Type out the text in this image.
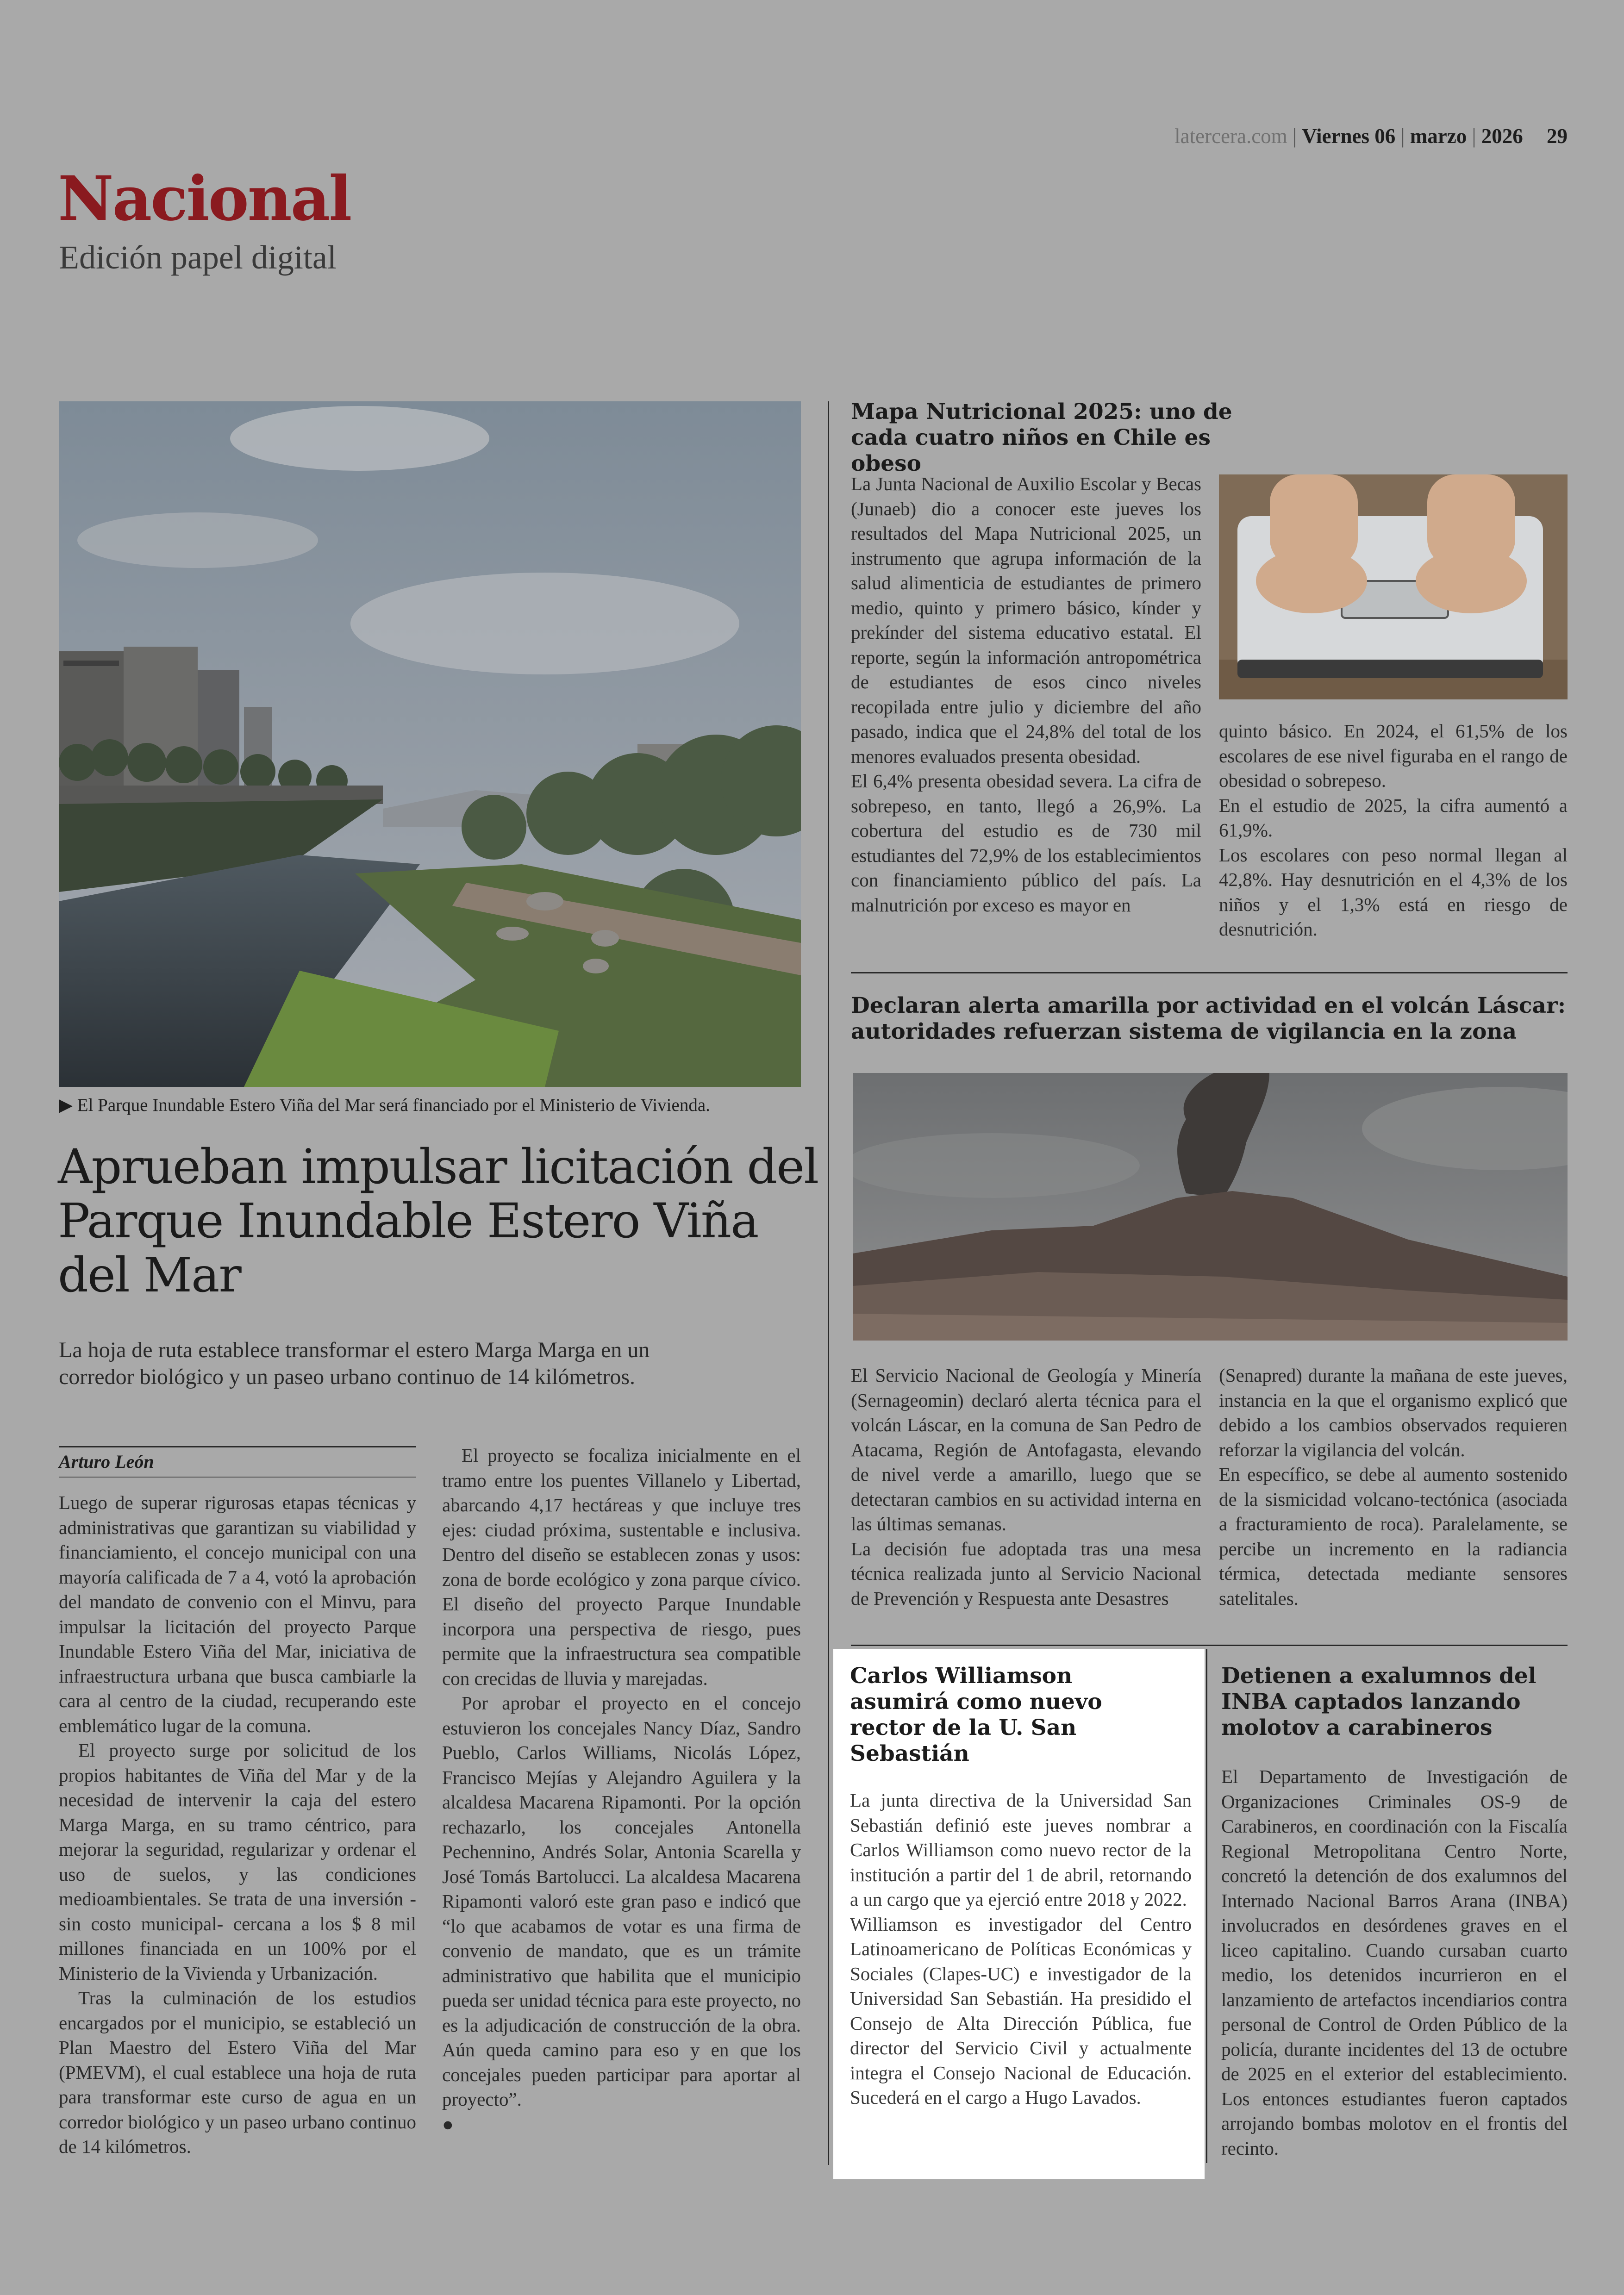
latercera.com | Viernes 06 | marzo | 2026 29
Nacional
Edición papel digital
▶ El Parque Inundable Estero Viña del Mar será financiado por el Ministerio de Vivienda.
Aprueban impulsar licitación del Parque Inundable Estero Viña del Mar
La hoja de ruta establece transformar el estero Marga Marga en un corredor biológico y un paseo urbano continuo de 14 kilómetros.
Arturo León

Luego de superar rigurosas etapas técnicas y administrativas que garantizan su viabilidad y financiamiento, el concejo municipal con una mayoría calificada de 7 a 4, votó la aprobación del mandato de convenio con el Minvu, para impulsar la licitación del proyecto Parque Inundable Estero Viña del Mar, iniciativa de infraestructura urbana que busca cambiarle la cara al centro de la ciudad, recuperando este emblemático lugar de la comuna.

El proyecto surge por solicitud de los propios habitantes de Viña del Mar y de la necesidad de intervenir la caja del estero Marga Marga, en su tramo céntrico, para mejorar la seguridad, regularizar y ordenar el uso de suelos, y las condiciones medioambientales. Se trata de una inversión -sin costo municipal- cercana a los $ 8 mil millones financiada en un 100% por el Ministerio de la Vivienda y Urbanización.

Tras la culminación de los estudios encargados por el municipio, se estableció un Plan Maestro del Estero Viña del Mar (PMEVM), el cual establece una hoja de ruta para transformar este curso de agua en un corredor biológico y un paseo urbano continuo de 14 kilómetros.

El proyecto se focaliza inicialmente en el tramo entre los puentes Villanelo y Libertad, abarcando 4,17 hectáreas y que incluye tres ejes: ciudad próxima, sustentable e inclusiva. Dentro del diseño se establecen zonas y usos: zona de borde ecológico y zona parque cívico. El diseño del proyecto Parque Inundable incorpora una perspectiva de riesgo, pues permite que la infraestructura sea compatible con crecidas de lluvia y marejadas.

Por aprobar el proyecto en el concejo estuvieron los concejales Nancy Díaz, Sandro Pueblo, Carlos Williams, Nicolás López, Francisco Mejías y Alejandro Aguilera y la alcaldesa Macarena Ripamonti. Por la opción rechazarlo, los concejales Antonella Pechennino, Andrés Solar, Antonia Scarella y José Tomás Bartolucci. La alcaldesa Macarena Ripamonti valoró este gran paso e indicó que “lo que acabamos de votar es una firma de convenio de mandato, que es un trámite administrativo que habilita que el municipio pueda ser unidad técnica para este proyecto, no es la adjudicación de construcción de la obra. Aún queda camino para eso y en que los concejales pueden participar para aportar al proyecto”.

●
Mapa Nutricional 2025: uno de cada cuatro niños en Chile es obeso

La Junta Nacional de Auxilio Escolar y Becas (Junaeb) dio a conocer este jueves los resultados del Mapa Nutricional 2025, un instrumento que agrupa información de la salud alimenticia de estudiantes de primero medio, quinto y primero básico, kínder y prekínder del sistema educativo estatal. El reporte, según la información antropométrica de estudiantes de esos cinco niveles recopilada entre julio y diciembre del año pasado, indica que el 24,8% del total de los menores evaluados presenta obesidad.

El 6,4% presenta obesidad severa. La cifra de sobrepeso, en tanto, llegó a 26,9%. La cobertura del estudio es de 730 mil estudiantes del 72,9% de los establecimientos con financiamiento público del país. La malnutrición por exceso es mayor en

quinto básico. En 2024, el 61,5% de los escolares de ese nivel figuraba en el rango de obesidad o sobrepeso.

En el estudio de 2025, la cifra aumentó a 61,9%.

Los escolares con peso normal llegan al 42,8%. Hay desnutrición en el 4,3% de los niños y el 1,3% está en riesgo de desnutrición.

Declaran alerta amarilla por actividad en el volcán Láscar: autoridades refuerzan sistema de vigilancia en la zona

El Servicio Nacional de Geología y Minería (Sernageomin) declaró alerta técnica para el volcán Láscar, en la comuna de San Pedro de Atacama, Región de Antofagasta, elevando de nivel verde a amarillo, luego que se detectaran cambios en su actividad interna en las últimas semanas.

La decisión fue adoptada tras una mesa técnica realizada junto al Servicio Nacional de Prevención y Respuesta ante Desastres

(Senapred) durante la mañana de este jueves, instancia en la que el organismo explicó que debido a los cambios observados requieren reforzar la vigilancia del volcán.

En específico, se debe al aumento sostenido de la sismicidad volcano-tectónica (asociada a fracturamiento de roca). Paralelamente, se percibe un incremento en la radiancia térmica, detectada mediante sensores satelitales.

Carlos Williamson asumirá como nuevo rector de la U. San Sebastián

La junta directiva de la Universidad San Sebastián definió este jueves nombrar a Carlos Williamson como nuevo rector de la institución a partir del 1 de abril, retornando a un cargo que ya ejerció entre 2018 y 2022.

Williamson es investigador del Centro Latinoamericano de Políticas Económicas y Sociales (Clapes-UC) e investigador de la Universidad San Sebastián. Ha presidido el Consejo de Alta Dirección Pública, fue director del Servicio Civil y actualmente integra el Consejo Nacional de Educación. Sucederá en el cargo a Hugo Lavados.

Detienen a exalumnos del INBA captados lanzando molotov a carabineros

El Departamento de Investigación de Organizaciones Criminales OS-9 de Carabineros, en coordinación con la Fiscalía Regional Metropolitana Centro Norte, concretó la detención de dos exalumnos del Internado Nacional Barros Arana (INBA) involucrados en desórdenes graves en el liceo capitalino. Cuando cursaban cuarto medio, los detenidos incurrieron en el lanzamiento de artefactos incendiarios contra personal de Control de Orden Público de la policía, durante incidentes del 13 de octubre de 2025 en el exterior del establecimiento. Los entonces estudiantes fueron captados arrojando bombas molotov en el frontis del recinto.
